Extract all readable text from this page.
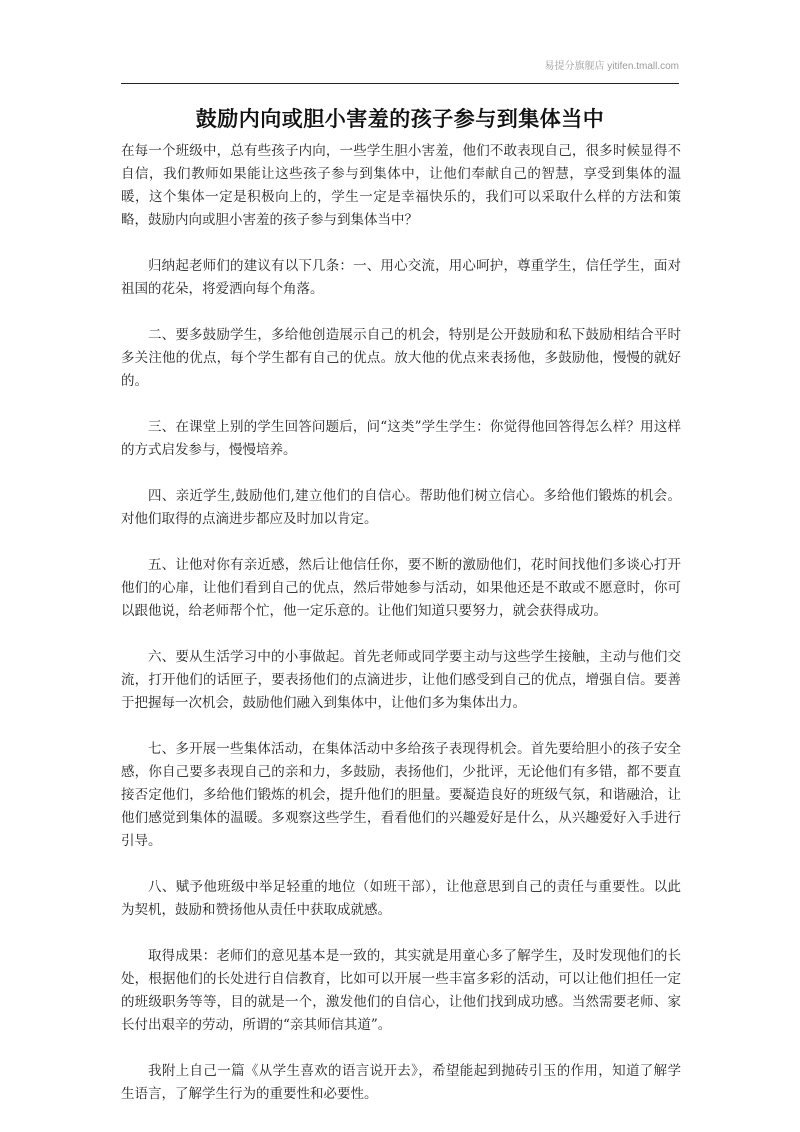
易提分旗舰店 yitifen.tmall.com
鼓励内向或胆小害羞的孩子参与到集体当中

在每一个班级中，总有些孩子内向，一些学生胆小害羞，他们不敢表现自己，很多时候显得不自信，我们教师如果能让这些孩子参与到集体中，让他们奉献自己的智慧，享受到集体的温暖，这个集体一定是积极向上的，学生一定是幸福快乐的，我们可以采取什么样的方法和策略，鼓励内向或胆小害羞的孩子参与到集体当中？

归纳起老师们的建议有以下几条：一、用心交流，用心呵护，尊重学生，信任学生，面对祖国的花朵，将爱洒向每个角落。

二、要多鼓励学生，多给他创造展示自己的机会，特别是公开鼓励和私下鼓励相结合平时多关注他的优点，每个学生都有自己的优点。放大他的优点来表扬他，多鼓励他，慢慢的就好的。

三、在课堂上别的学生回答问题后，问“这类”学生学生：你觉得他回答得怎么样？用这样的方式启发参与，慢慢培养。

四、亲近学生,鼓励他们,建立他们的自信心。帮助他们树立信心。多给他们锻炼的机会。对他们取得的点滴进步都应及时加以肯定。

五、让他对你有亲近感，然后让他信任你，要不断的激励他们，花时间找他们多谈心打开他们的心扉，让他们看到自己的优点，然后带她参与活动，如果他还是不敢或不愿意时，你可以跟他说，给老师帮个忙，他一定乐意的。让他们知道只要努力，就会获得成功。

六、要从生活学习中的小事做起。首先老师或同学要主动与这些学生接触，主动与他们交流，打开他们的话匣子，要表扬他们的点滴进步，让他们感受到自己的优点，增强自信。要善于把握每一次机会，鼓励他们融入到集体中，让他们多为集体出力。

七、多开展一些集体活动，在集体活动中多给孩子表现得机会。首先要给胆小的孩子安全感，你自己要多表现自己的亲和力，多鼓励，表扬他们，少批评，无论他们有多错，都不要直接否定他们，多给他们锻炼的机会，提升他们的胆量。要凝造良好的班级气氛，和谐融洽，让他们感觉到集体的温暖。多观察这些学生，看看他们的兴趣爱好是什么，从兴趣爱好入手进行引导。

八、赋予他班级中举足轻重的地位（如班干部），让他意思到自己的责任与重要性。以此为契机，鼓励和赞扬他从责任中获取成就感。

取得成果：老师们的意见基本是一致的，其实就是用童心多了解学生，及时发现他们的长处，根据他们的长处进行自信教育，比如可以开展一些丰富多彩的活动，可以让他们担任一定的班级职务等等，目的就是一个，激发他们的自信心，让他们找到成功感。当然需要老师、家长付出艰辛的劳动，所谓的“亲其师信其道”。

我附上自己一篇《从学生喜欢的语言说开去》，希望能起到抛砖引玉的作用，知道了解学生语言，了解学生行为的重要性和必要性。
